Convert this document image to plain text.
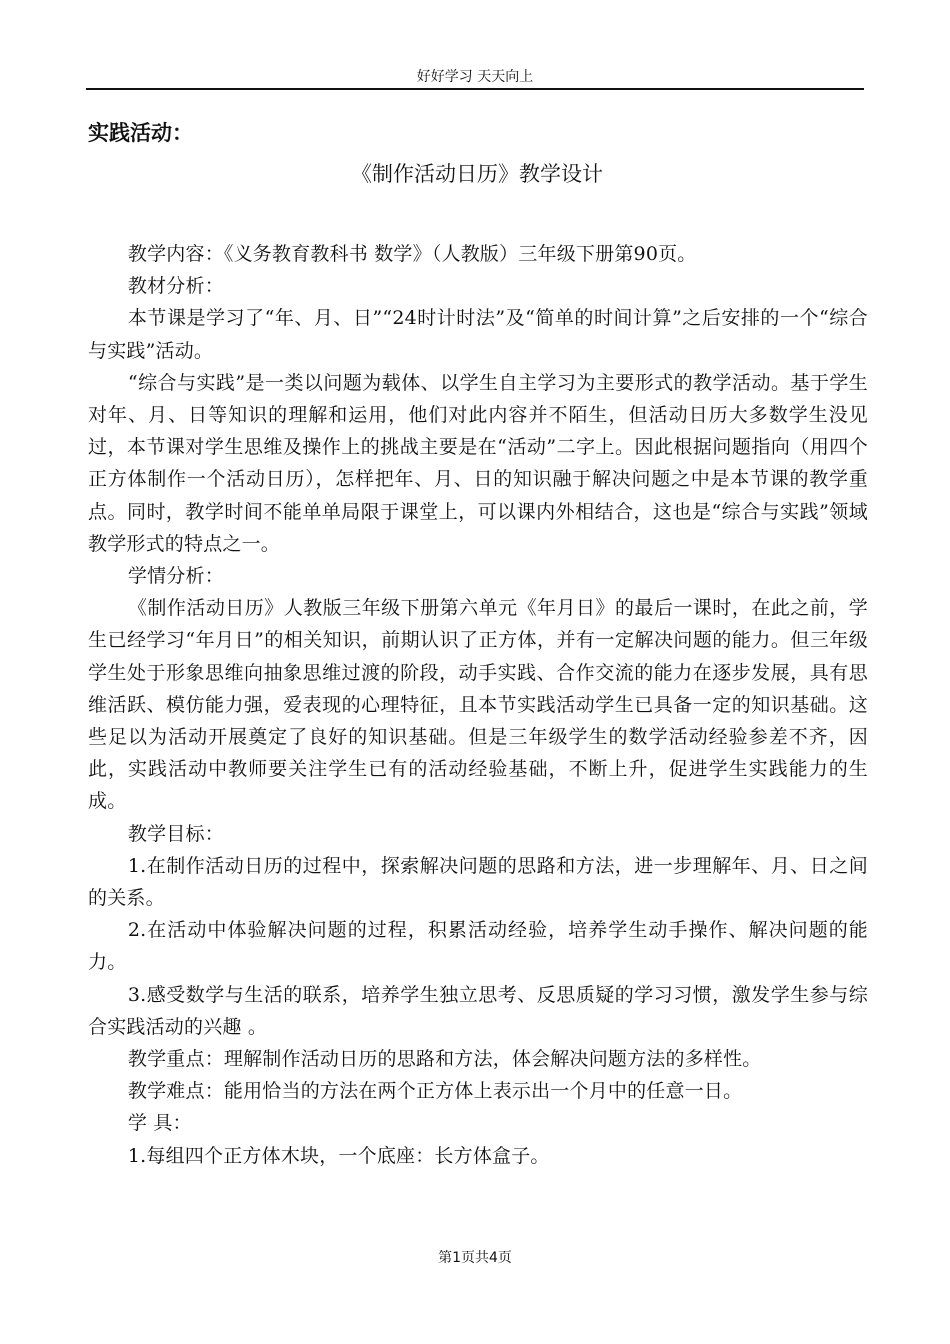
好好学习 天天向上
实践活动：
《制作活动日历》教学设计

教学内容：《义务教育教科书 数学》（人教版）三年级下册第90页。

教材分析：

本节课是学习了“年、月、日”“24时计时法”及“简单的时间计算”之后安排的一个“综合与实践”活动。

“综合与实践”是一类以问题为载体、以学生自主学习为主要形式的教学活动。基于学生对年、月、日等知识的理解和运用，他们对此内容并不陌生，但活动日历大多数学生没见过，本节课对学生思维及操作上的挑战主要是在“活动”二字上。因此根据问题指向（用四个正方体制作一个活动日历），怎样把年、月、日的知识融于解决问题之中是本节课的教学重点。同时，教学时间不能单单局限于课堂上，可以课内外相结合，这也是“综合与实践”领域教学形式的特点之一。

学情分析：

《制作活动日历》人教版三年级下册第六单元《年月日》的最后一课时，在此之前，学生已经学习“年月日”的相关知识，前期认识了正方体，并有一定解决问题的能力。但三年级学生处于形象思维向抽象思维过渡的阶段，动手实践、合作交流的能力在逐步发展，具有思维活跃、模仿能力强，爱表现的心理特征，且本节实践活动学生已具备一定的知识基础。这些足以为活动开展奠定了良好的知识基础。但是三年级学生的数学活动经验参差不齐，因此，实践活动中教师要关注学生已有的活动经验基础，不断上升，促进学生实践能力的生成。

教学目标：

1.在制作活动日历的过程中，探索解决问题的思路和方法，进一步理解年、月、日之间的关系。

2.在活动中体验解决问题的过程，积累活动经验，培养学生动手操作、解决问题的能力。

3.感受数学与生活的联系，培养学生独立思考、反思质疑的学习习惯，激发学生参与综合实践活动的兴趣 。

教学重点：理解制作活动日历的思路和方法，体会解决问题方法的多样性。

教学难点：能用恰当的方法在两个正方体上表示出一个月中的任意一日。

学 具：

1.每组四个正方体木块，一个底座：长方体盒子。

第1页共4页
